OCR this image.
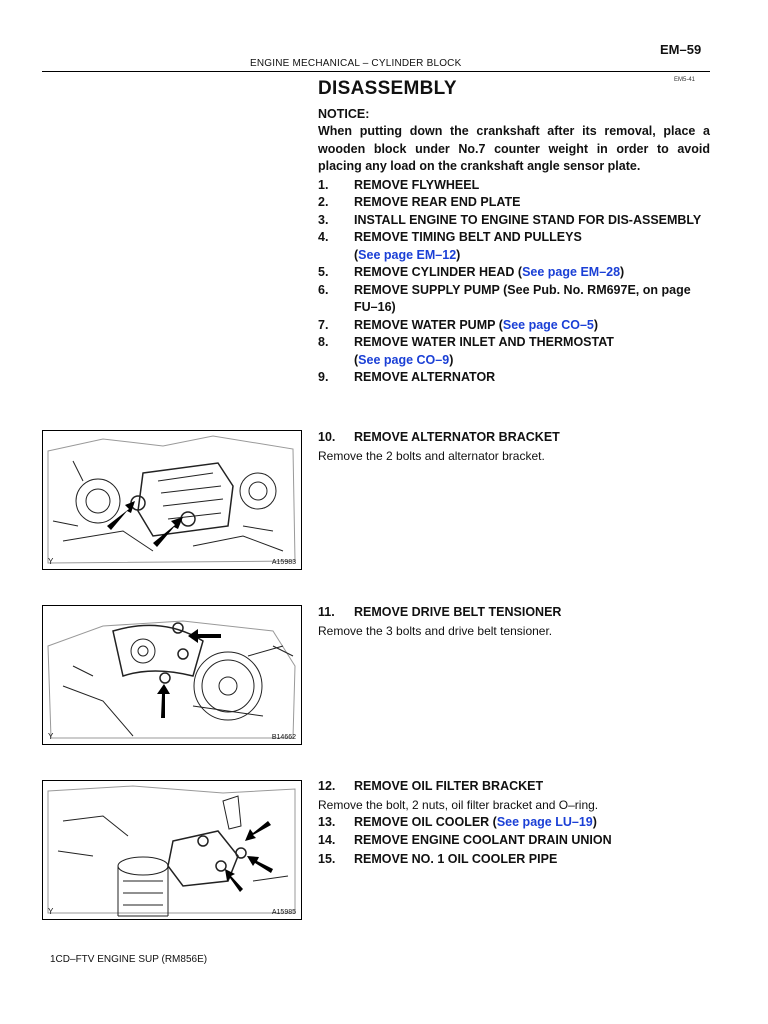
EM–59
ENGINE MECHANICAL – CYLINDER BLOCK
EM5-41
DISASSEMBLY
NOTICE:
When putting down the crankshaft after its removal, place a wooden block under No.7 counter weight in order to avoid placing any load on the crankshaft angle sensor plate.
1.	REMOVE FLYWHEEL
2.	REMOVE REAR END PLATE
3.	INSTALL ENGINE TO ENGINE STAND FOR DIS-ASSEMBLY
4.	REMOVE TIMING BELT AND PULLEYS
(See page EM–12)
5.	REMOVE CYLINDER HEAD (See page EM–28)
6.	REMOVE SUPPLY PUMP (See Pub. No. RM697E, on page FU–16)
7.	REMOVE WATER PUMP (See page CO–5)
8.	REMOVE WATER INLET AND THERMOSTAT
(See page CO–9)
9.	REMOVE ALTERNATOR
Y	A15983
10.	REMOVE ALTERNATOR BRACKET
Remove the 2 bolts and alternator bracket.
Y	B14662
11.	REMOVE DRIVE BELT TENSIONER
Remove the 3 bolts and drive belt tensioner.
Y	A15985
12.	REMOVE OIL FILTER BRACKET
Remove the bolt, 2 nuts, oil filter bracket and O–ring.
13.	REMOVE OIL COOLER (See page LU–19)
14.	REMOVE ENGINE COOLANT DRAIN UNION
15.	REMOVE NO. 1 OIL COOLER PIPE
1CD–FTV ENGINE SUP (RM856E)
